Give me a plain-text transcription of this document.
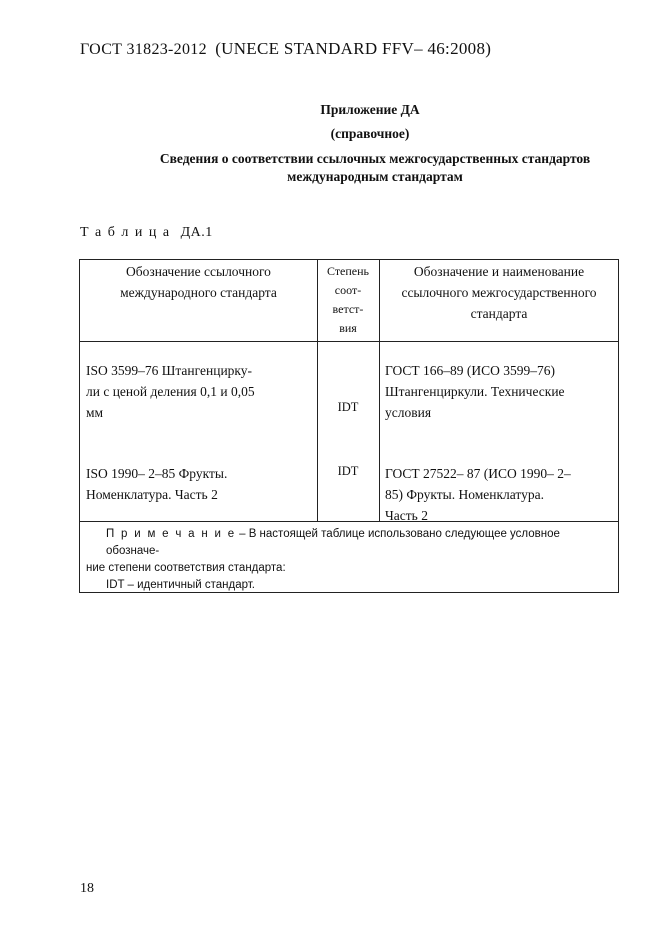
ГОСТ 31823-2012 (UNECE STANDARD FFV– 46:2008)
Приложение ДА
(справочное)
Сведения о соответствии ссылочных межгосударственных стандартов
международным стандартам
Т а б л и ц а ДА.1
Обозначение ссылочного
международного стандарта
Степень
соот-
ветст-
вия
Обозначение и наименование
ссылочного межгосударственного
стандарта
ISO 3599–76 Штангенцирку-
ли с ценой деления 0,1 и 0,05
мм	IDT
ГОСТ 166–89 (ИСО 3599–76)
Штангенциркули. Технические
условия
ISO 1990– 2–85 Фрукты.
Номенклатура. Часть 2
IDT	ГОСТ 27522– 87 (ИСО 1990– 2–
85) Фрукты. Номенклатура.
Часть 2
П р и м е ч а н и е – В настоящей таблице использовано следующее условное обозначе-
ние степени соответствия стандарта:
IDT – идентичный стандарт.
18
